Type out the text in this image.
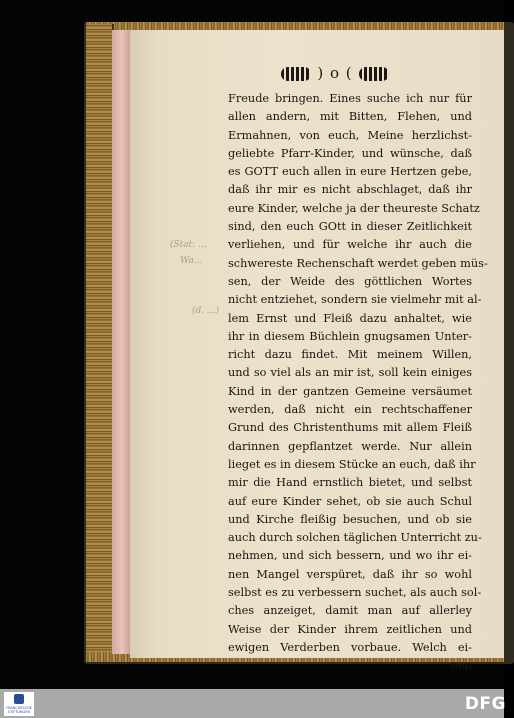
(Stat: ...
Wa...
(d. ...)
) o (
Freude bringen. Eines suche ich nur für
allen andern, mit Bitten, Flehen, und
Ermahnen, von euch, Meine herzlichst-
geliebte Pfarr-Kinder, und wünsche, daß
es GOTT euch allen in eure Hertzen gebe,
daß ihr mir es nicht abschlaget, daß ihr
eure Kinder, welche ja der theureste Schatz
sind, den euch GOtt in dieser Zeitlichkeit
verliehen, und für welche ihr auch die
schwereste Rechenschaft werdet geben müs-
sen, der Weide des göttlichen Wortes
nicht entziehet, sondern sie vielmehr mit al-
lem Ernst und Fleiß dazu anhaltet, wie
ihr in diesem Büchlein gnugsamen Unter-
richt dazu findet. Mit meinem Willen,
und so viel als an mir ist, soll kein einiges
Kind in der gantzen Gemeine versäumet
werden, daß nicht ein rechtschaffener
Grund des Christenthums mit allem Fleiß
darinnen gepflantzet werde. Nur allein
lieget es in diesem Stücke an euch, daß ihr
mir die Hand ernstlich bietet, und selbst
auf eure Kinder sehet, ob sie auch Schul
und Kirche fleißig besuchen, und ob sie
auch durch solchen täglichen Unterricht zu-
nehmen, und sich bessern, und wo ihr ei-
nen Mangel verspüret, daß ihr so wohl
selbst es zu verbessern suchet, als auch sol-
ches anzeiget, damit man auf allerley
Weise der Kinder ihrem zeitlichen und
ewigen Verderben vorbaue. Welch ei-
nen
FRANCKESCHE
STIFTUNGEN	DFG
